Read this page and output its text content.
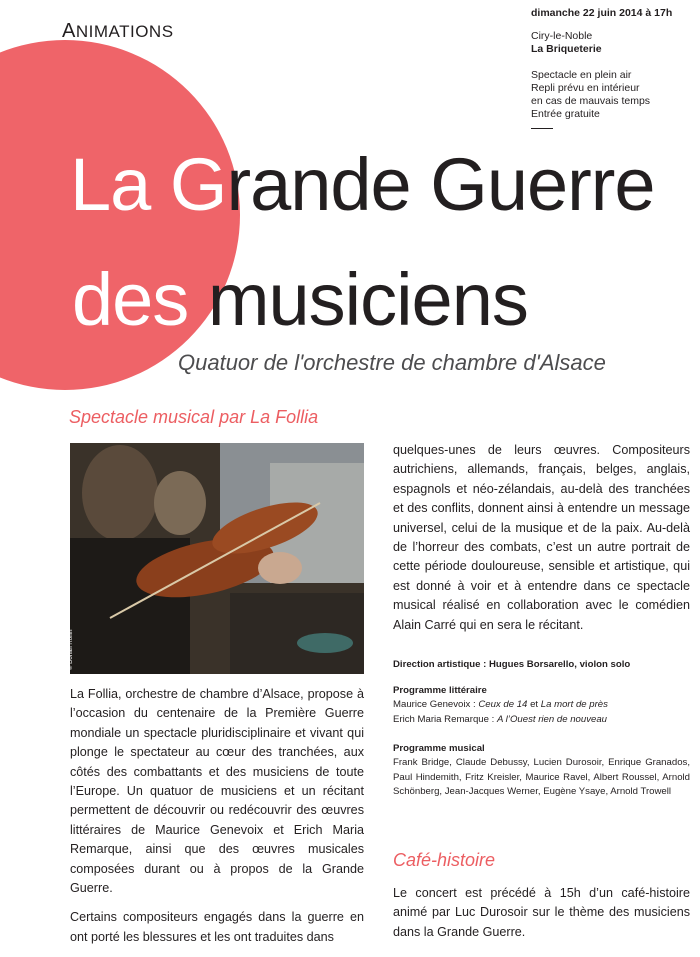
ANIMATIONS
dimanche 22 juin 2014 à 17h
Ciry-le-Noble
La Briqueterie
Spectacle en plein air
Repli prévu en intérieur
en cas de mauvais temps
Entrée gratuite
La Grande Guerre
des musiciens
Quatuor de l'orchestre de chambre d'Alsace
Spectacle musical par La Follia
© Dorian Rollin

La Follia, orchestre de chambre d’Alsace, propose à l’occasion du centenaire de la Première Guerre mondiale un spectacle pluridisciplinaire et vivant qui plonge le spectateur au cœur des tranchées, aux côtés des combattants et des musiciens de toute l’Europe. Un quatuor de musiciens et un récitant permettent de découvrir ou redécouvrir des œuvres littéraires de Maurice Genevoix et Erich Maria Remarque, ainsi que des œuvres musicales composées durant ou à propos de la Grande Guerre.

Certains compositeurs engagés dans la guerre en ont porté les blessures et les ont traduites dans

quelques-unes de leurs œuvres. Compositeurs autrichiens, allemands, français, belges, anglais, espagnols et néo-zélandais, au-delà des tranchées et des conflits, donnent ainsi à entendre un message universel, celui de la musique et de la paix. Au-delà de l’horreur des combats, c’est un autre portrait de cette période douloureuse, sensible et artistique, qui est donné à voir et à entendre dans ce spectacle musical réalisé en collaboration avec le comédien Alain Carré qui en sera le récitant.

Direction artistique : Hugues Borsarello, violon solo
Programme littéraire
Maurice Genevoix : Ceux de 14 et La mort de près
Erich Maria Remarque : A l’Ouest rien de nouveau
Programme musical
Frank Bridge, Claude Debussy, Lucien Durosoir, Enrique Granados, Paul Hindemith, Fritz Kreisler, Maurice Ravel, Albert Roussel, Arnold Schönberg, Jean-Jacques Werner, Eugène Ysaye, Arnold Trowell
Café-histoire
Le concert est précédé à 15h d’un café-histoire animé par Luc Durosoir sur le thème des musiciens dans la Grande Guerre.
